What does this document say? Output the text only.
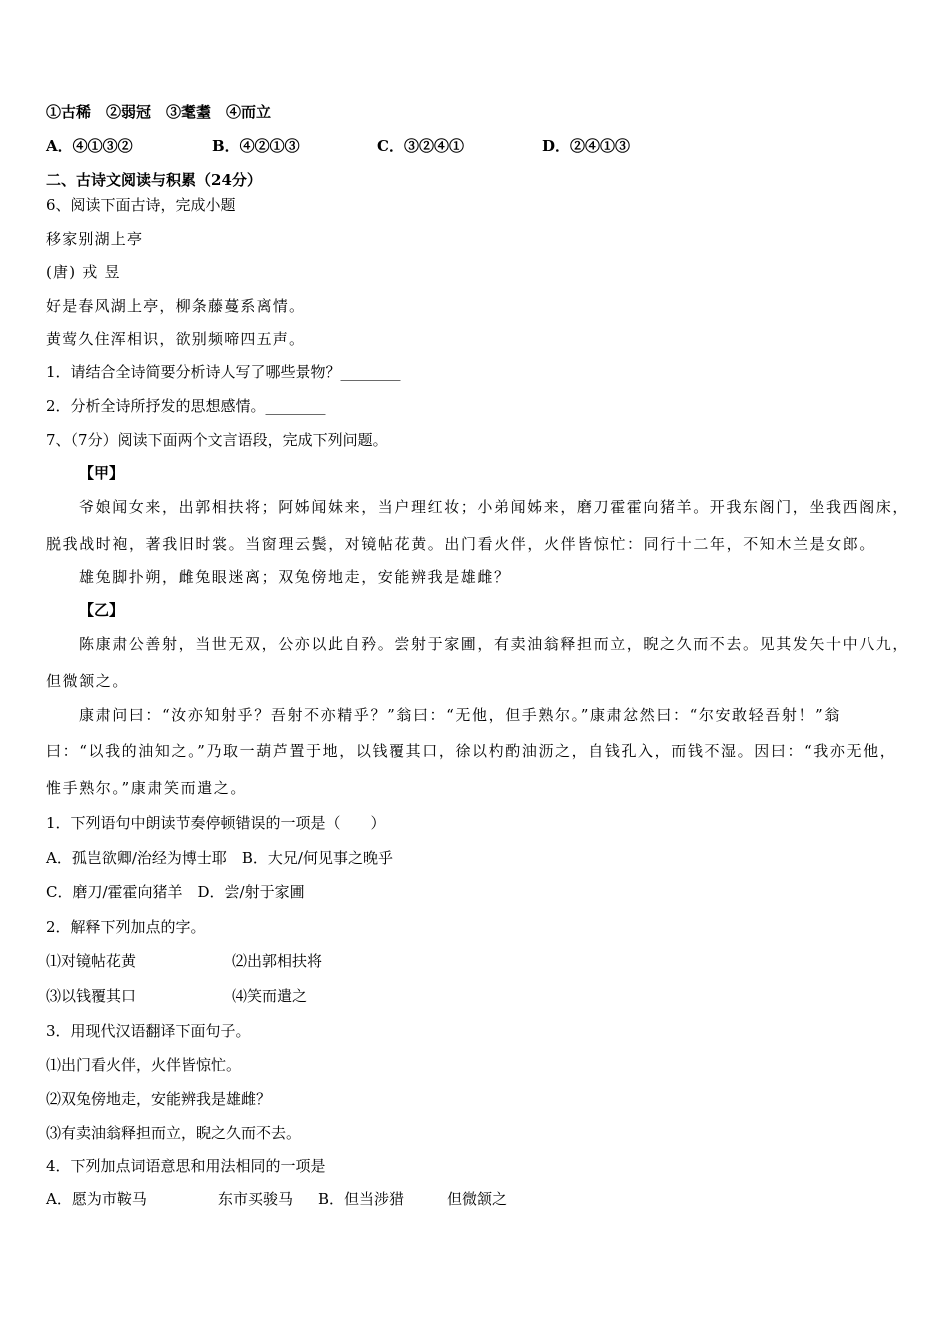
①古稀　②弱冠　③耄耋　④而立
A．④①③②	B．④②①③	C．③②④①	D．②④①③
二、古诗文阅读与积累（24分）
6、阅读下面古诗，完成小题
移家别湖上亭
(唐) 戎 昱
好是春风湖上亭，柳条藤蔓系离情。
黄莺久住浑相识，欲别频啼四五声。
1．请结合全诗简要分析诗人写了哪些景物？________
2．分析全诗所抒发的思想感情。________
7、（7分）阅读下面两个文言语段，完成下列问题。
【甲】
爷娘闻女来，出郭相扶将；阿姊闻妹来，当户理红妆；小弟闻姊来，磨刀霍霍向猪羊。开我东阁门，坐我西阁床，
脱我战时袍，著我旧时裳。当窗理云鬓，对镜帖花黄。出门看火伴，火伴皆惊忙：同行十二年，不知木兰是女郎。
雄兔脚扑朔，雌兔眼迷离；双兔傍地走，安能辨我是雄雌？
【乙】
陈康肃公善射，当世无双，公亦以此自矜。尝射于家圃，有卖油翁释担而立，睨之久而不去。见其发矢十中八九，
但微颔之。
康肃问曰：“汝亦知射乎？吾射不亦精乎？”翁曰：“无他，但手熟尔。”康肃忿然曰：“尔安敢轻吾射！”翁
曰：“以我的油知之。”乃取一葫芦置于地，以钱覆其口，徐以杓酌油沥之，自钱孔入，而钱不湿。因曰：“我亦无他，
惟手熟尔。”康肃笑而遣之。
1．下列语句中朗读节奏停顿错误的一项是（　　）
A．孤岂欲卿/治经为博士耶　B．大兄/何见事之晚乎
C．磨刀/霍霍向猪羊　D．尝/射于家圃
2．解释下列加点的字。
⑴对镜帖花黄	⑵出郭相扶将
⑶以钱覆其口	⑷笑而遣之
3．用现代汉语翻译下面句子。
⑴出门看火伴，火伴皆惊忙。
⑵双兔傍地走，安能辨我是雄雌？
⑶有卖油翁释担而立，睨之久而不去。
4．下列加点词语意思和用法相同的一项是
A．愿为市鞍马	东市买骏马 B．但当涉猎	但微颔之
